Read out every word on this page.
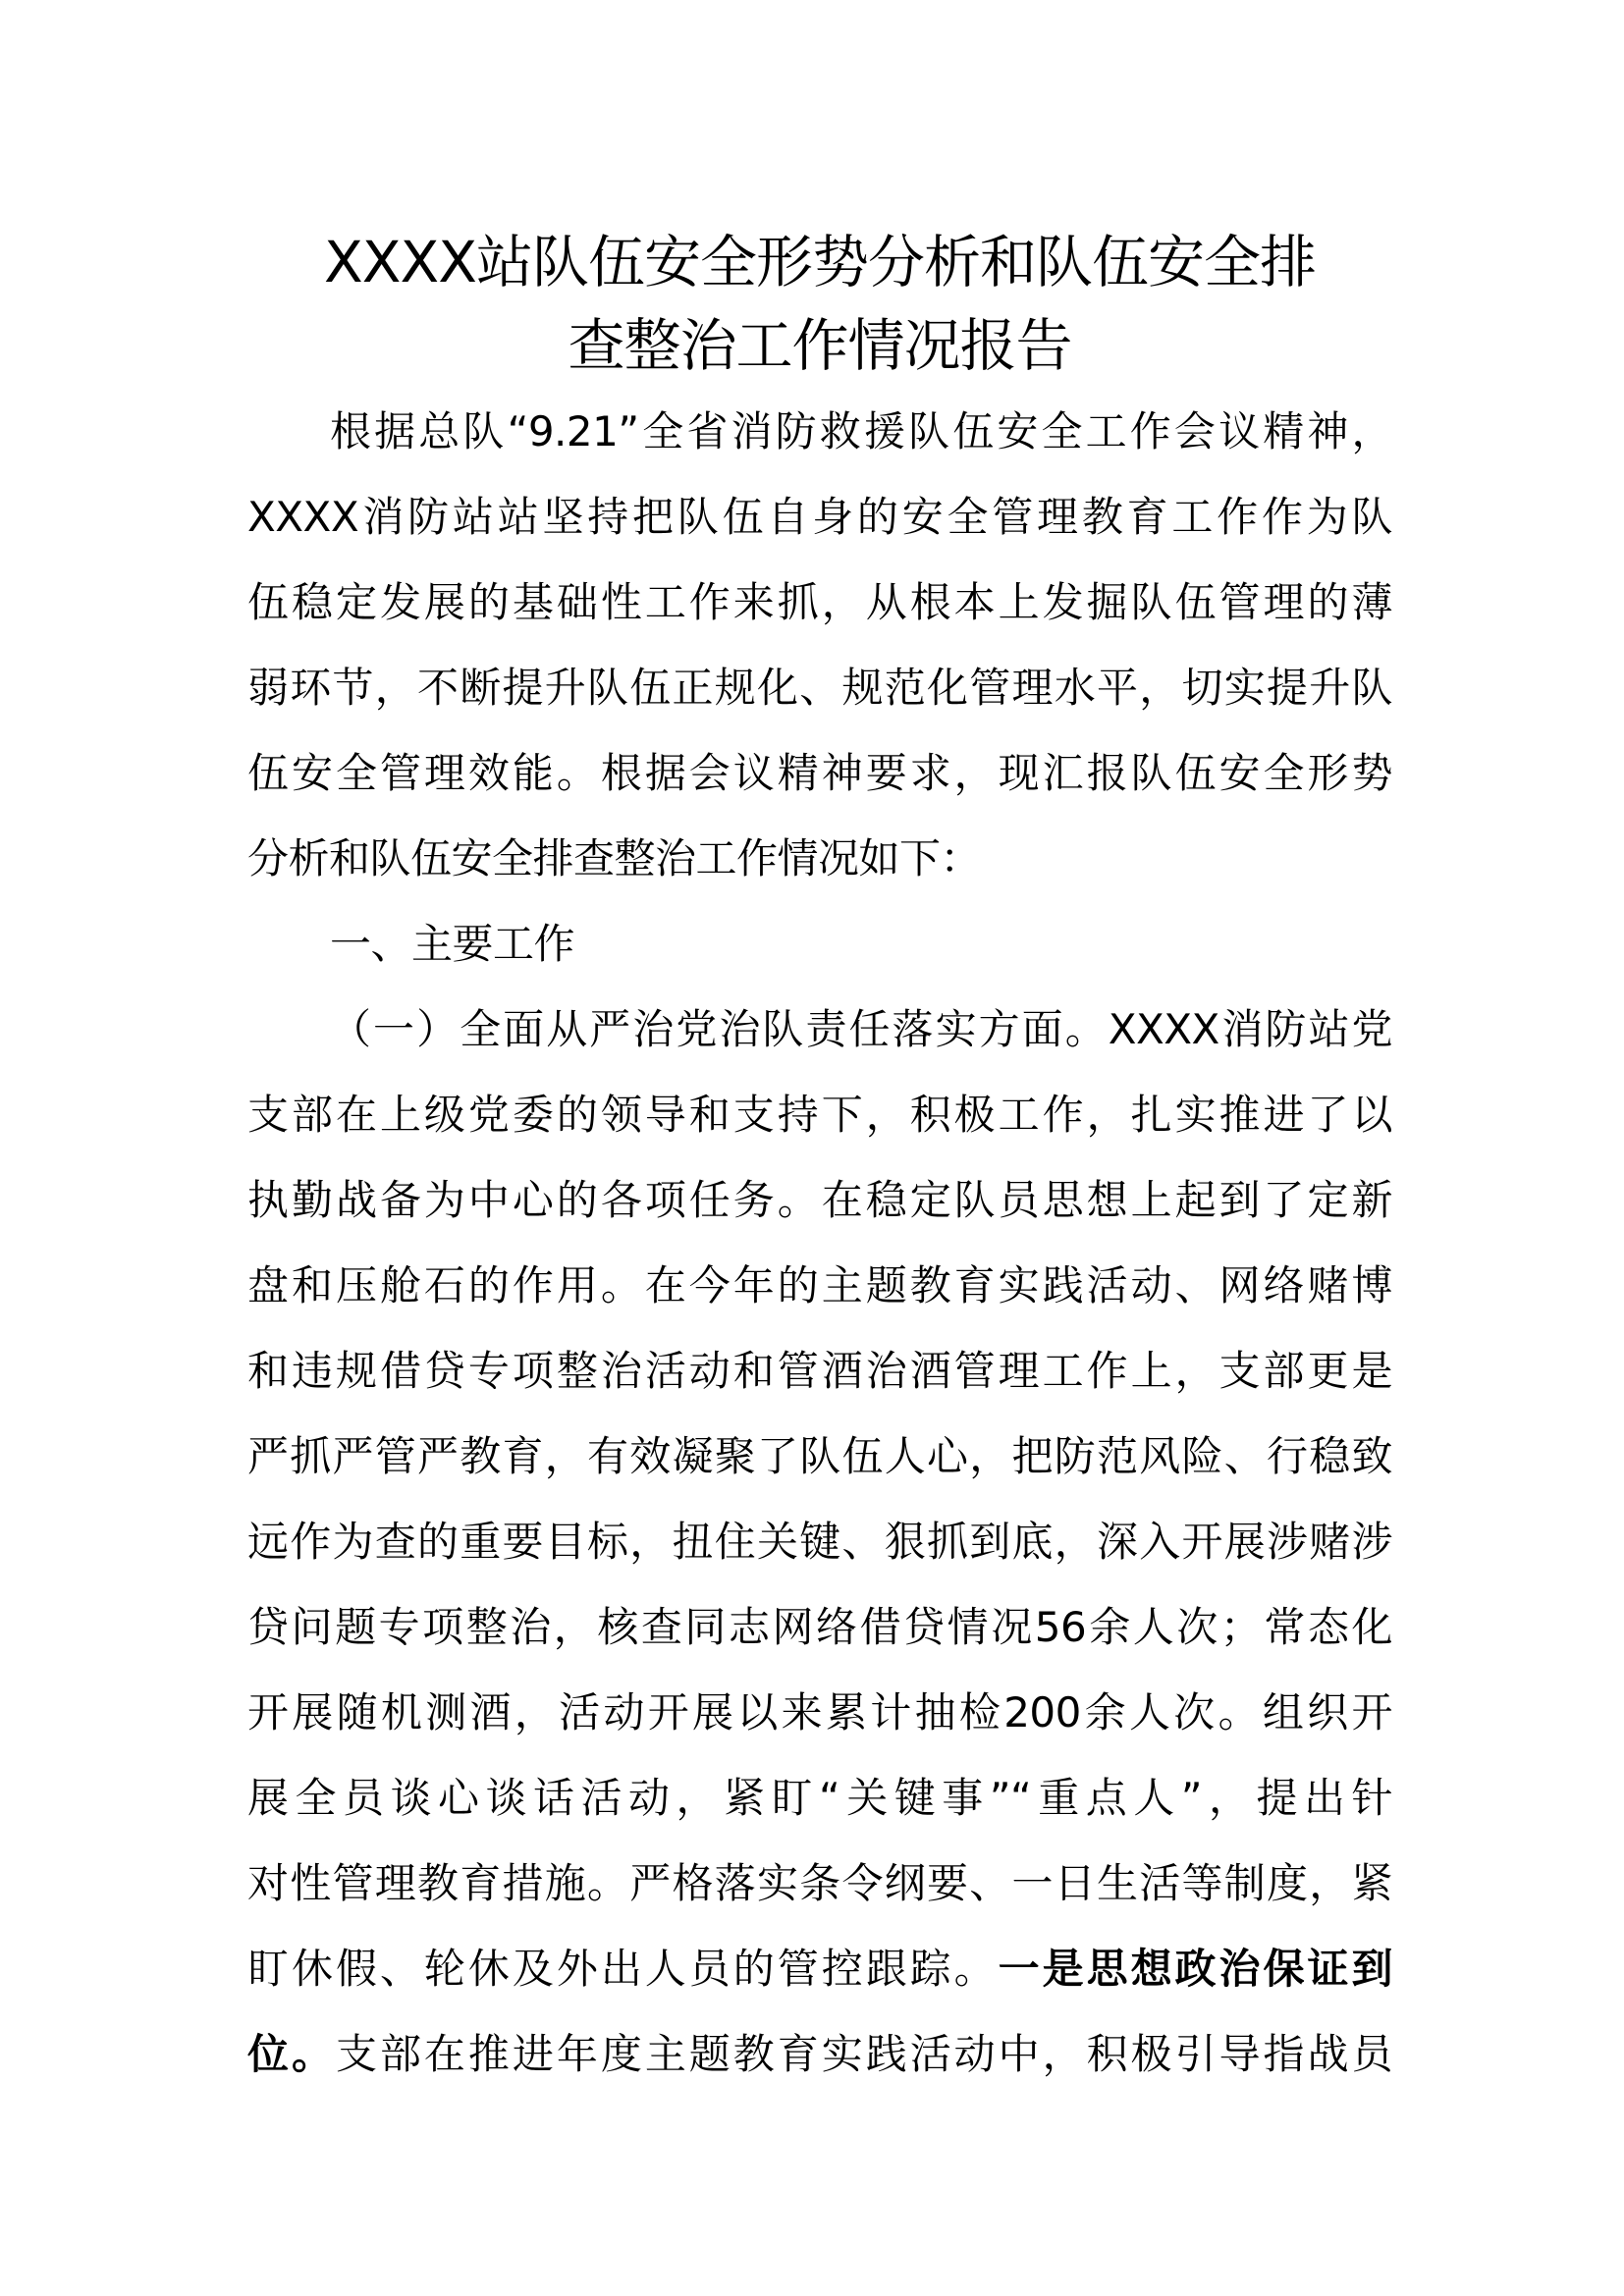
XXXX站队伍安全形势分析和队伍安全排
查整治工作情况报告
根据总队“9.21”全省消防救援队伍安全工作会议精神，
XXXX消防站站坚持把队伍自身的安全管理教育工作作为队
伍稳定发展的基础性工作来抓，从根本上发掘队伍管理的薄
弱环节，不断提升队伍正规化、规范化管理水平，切实提升队
伍安全管理效能。根据会议精神要求，现汇报队伍安全形势
分析和队伍安全排查整治工作情况如下：
一、主要工作
（一）全面从严治党治队责任落实方面。XXXX消防站党
支部在上级党委的领导和支持下，积极工作，扎实推进了以
执勤战备为中心的各项任务。在稳定队员思想上起到了定新
盘和压舱石的作用。在今年的主题教育实践活动、网络赌博
和违规借贷专项整治活动和管酒治酒管理工作上，支部更是
严抓严管严教育，有效凝聚了队伍人心，把防范风险、行稳致
远作为查的重要目标，扭住关键、狠抓到底，深入开展涉赌涉
贷问题专项整治，核查同志网络借贷情况56余人次；常态化
开展随机测酒，活动开展以来累计抽检200余人次。组织开
展全员谈心谈话活动，紧盯“关键事”“重点人”，提出针
对性管理教育措施。严格落实条令纲要、一日生活等制度，紧
盯休假、轮休及外出人员的管控跟踪。一是思想政治保证到
位。支部在推进年度主题教育实践活动中，积极引导指战员
